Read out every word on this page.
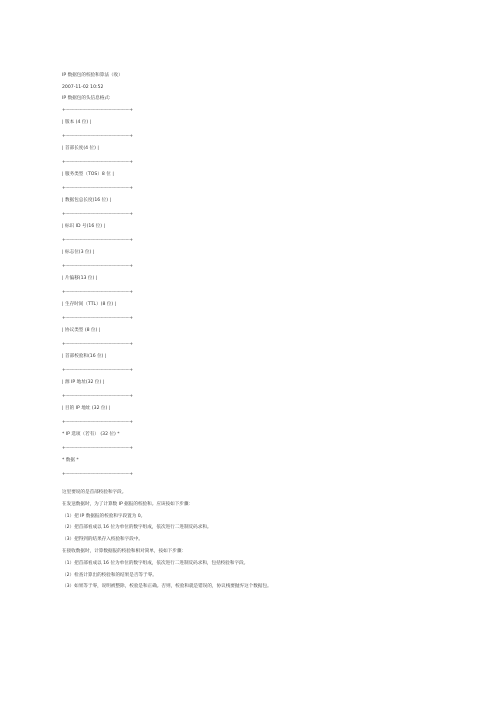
IP 数据包的校验和算法（收）

2007-11-02 10:52

IP 数据包的头信息格式:

+-------------------------------------------------+

| 版本 (4 位) |

+-------------------------------------------------+

| 首部长度(4 位) |

+-------------------------------------------------+

| 服务类型（TOS）8 位 |

+-------------------------------------------------+

| 数据包总长度(16 位) |

+-------------------------------------------------+

| 标识 ID 号(16 位) |

+-------------------------------------------------+

| 标志位(3 位) |

+-------------------------------------------------+

| 片偏移(13 位) |

+-------------------------------------------------+

| 生存时间（TTL）(8 位) |

+-------------------------------------------------+

| 协议类型 (8 位) |

+-------------------------------------------------+

| 首部校验和(16 位) |

+-------------------------------------------------+

| 源 IP 地址(32 位) |

+-------------------------------------------------+

| 目的 IP 地址 (32 位) |

+-------------------------------------------------+

* IP 选项（若有） (32 位) *

+-------------------------------------------------+

* 数据 *

+-------------------------------------------------+

这里要说的是首部校验和字段。

在发送数据时，为了计算数 IP 据报的校验和。应该按如下步骤：

（1）把 IP 数据报的校验和字段置为 0。

（2）把首部看成以 16 位为单位的数字组成，依次进行二进制反码求和。

（3）把得到的结果存入校验和字段中。

在接收数据时，计算数据报的校验和相对简单，按如下步骤：

（1）把首部看成以 16 位为单位的数字组成，依次进行二进制反码求和，包括校验和字段。

（2）检查计算出的校验和的结果是否等于零。

（3）如果等于零，说明被整除，校验是和正确。否则，校验和就是错误的，协议栈要抛弃这个数据包。
